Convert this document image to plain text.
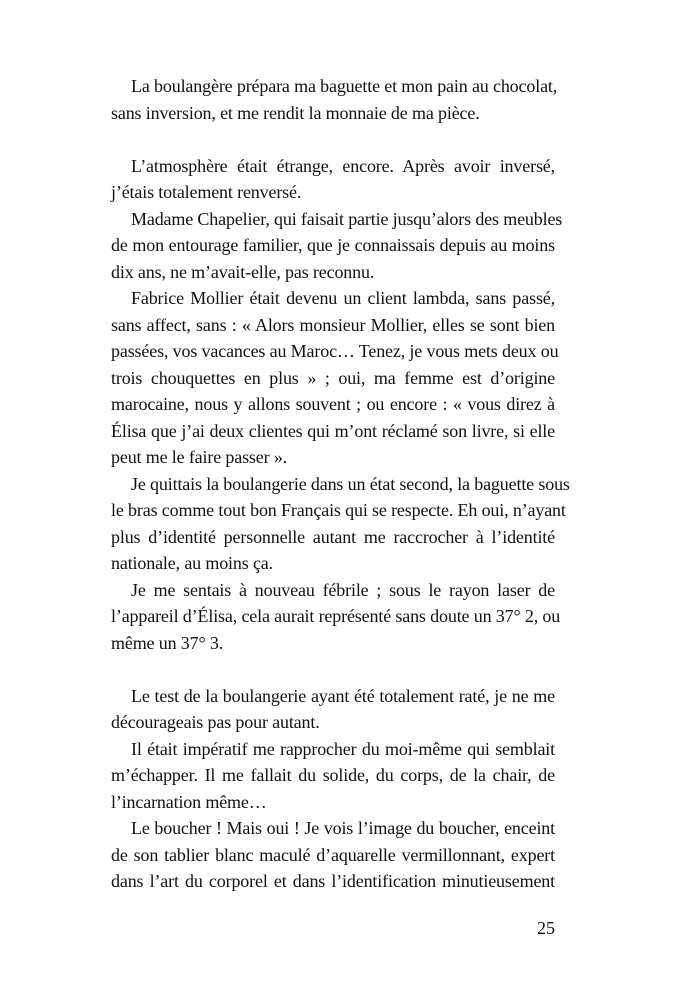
La boulangère prépara ma baguette et mon pain au chocolat,
sans inversion, et me rendit la monnaie de ma pièce.
L’atmosphère était étrange, encore. Après avoir inversé,
j’étais totalement renversé.
Madame Chapelier, qui faisait partie jusqu’alors des meubles
de mon entourage familier, que je connaissais depuis au moins
dix ans, ne m’avait-elle, pas reconnu.
Fabrice Mollier était devenu un client lambda, sans passé,
sans affect, sans : « Alors monsieur Mollier, elles se sont bien
passées, vos vacances au Maroc… Tenez, je vous mets deux ou
trois chouquettes en plus » ; oui, ma femme est d’origine
marocaine, nous y allons souvent ; ou encore : « vous direz à
Élisa que j’ai deux clientes qui m’ont réclamé son livre, si elle
peut me le faire passer ».
Je quittais la boulangerie dans un état second, la baguette sous
le bras comme tout bon Français qui se respecte. Eh oui, n’ayant
plus d’identité personnelle autant me raccrocher à l’identité
nationale, au moins ça.
Je me sentais à nouveau fébrile ; sous le rayon laser de
l’appareil d’Élisa, cela aurait représenté sans doute un 37° 2, ou
même un 37° 3.
Le test de la boulangerie ayant été totalement raté, je ne me
décourageais pas pour autant.
Il était impératif me rapprocher du moi-même qui semblait
m’échapper. Il me fallait du solide, du corps, de la chair, de
l’incarnation même…
Le boucher ! Mais oui ! Je vois l’image du boucher, enceint
de son tablier blanc maculé d’aquarelle vermillonnant, expert
dans l’art du corporel et dans l’identification minutieusement
25
